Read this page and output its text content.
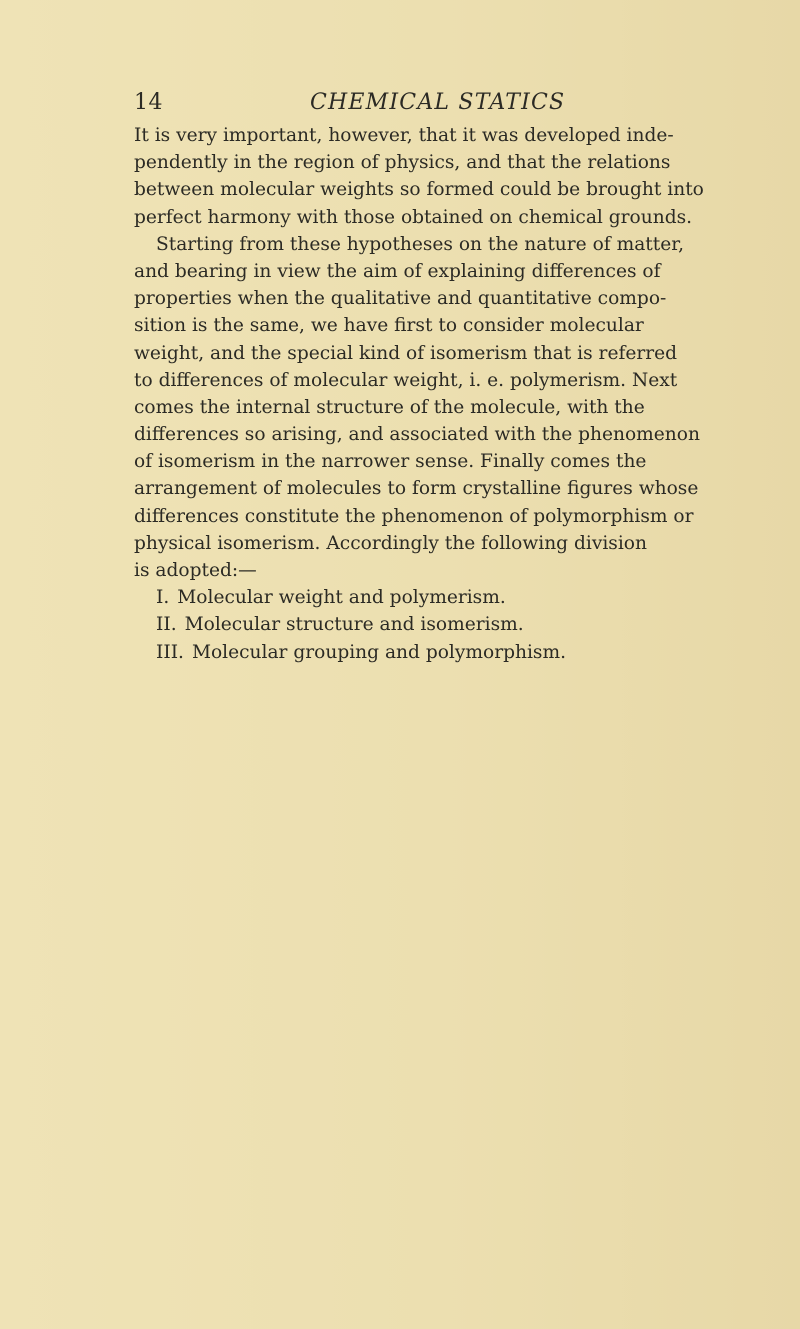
14	CHEMICAL STATICS
It is very important, however, that it was developed inde-
pendently in the region of physics, and that the relations
between molecular weights so formed could be brought into
perfect harmony with those obtained on chemical grounds.
Starting from these hypotheses on the nature of matter,
and bearing in view the aim of explaining differences of
properties when the qualitative and quantitative compo-
sition is the same, we have first to consider molecular
weight, and the special kind of isomerism that is referred
to differences of molecular weight, i. e. polymerism. Next
comes the internal structure of the molecule, with the
differences so arising, and associated with the phenomenon
of isomerism in the narrower sense. Finally comes the
arrangement of molecules to form crystalline figures whose
differences constitute the phenomenon of polymorphism or
physical isomerism. Accordingly the following division
is adopted:—
I. Molecular weight and polymerism.
II. Molecular structure and isomerism.
III. Molecular grouping and polymorphism.
